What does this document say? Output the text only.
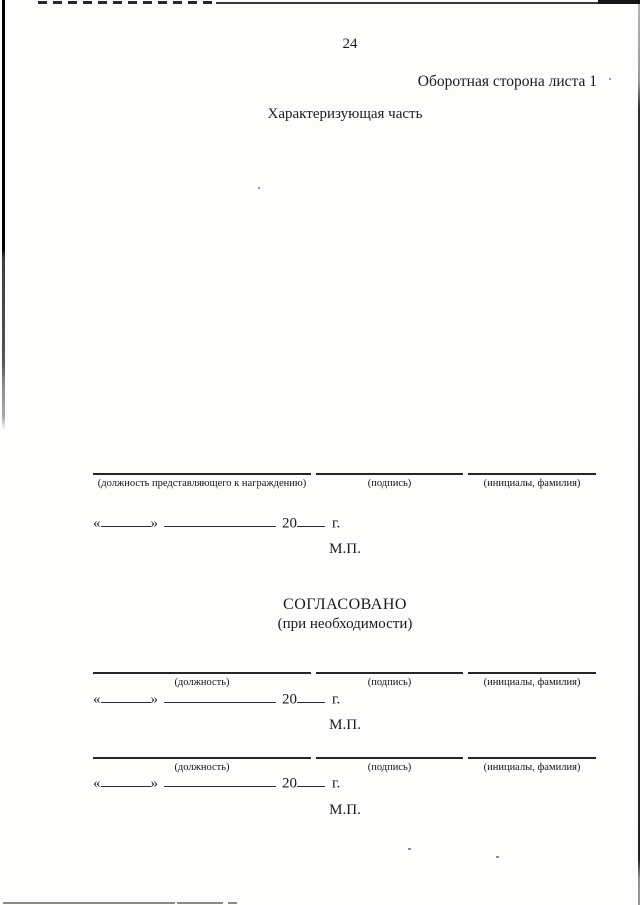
24
Оборотная сторона листа 1
Характеризующая часть
(должность представляющего к награждению)	(подпись)	(инициалы, фамилия)
«	»	20 г.
М.П.
СОГЛАСОВАНО
(при необходимости)
(должность)	(подпись)	(инициалы, фамилия)
«	»	20 г.
М.П.
(должность)	(подпись)	(инициалы, фамилия)
«	»	20 г.
М.П.
